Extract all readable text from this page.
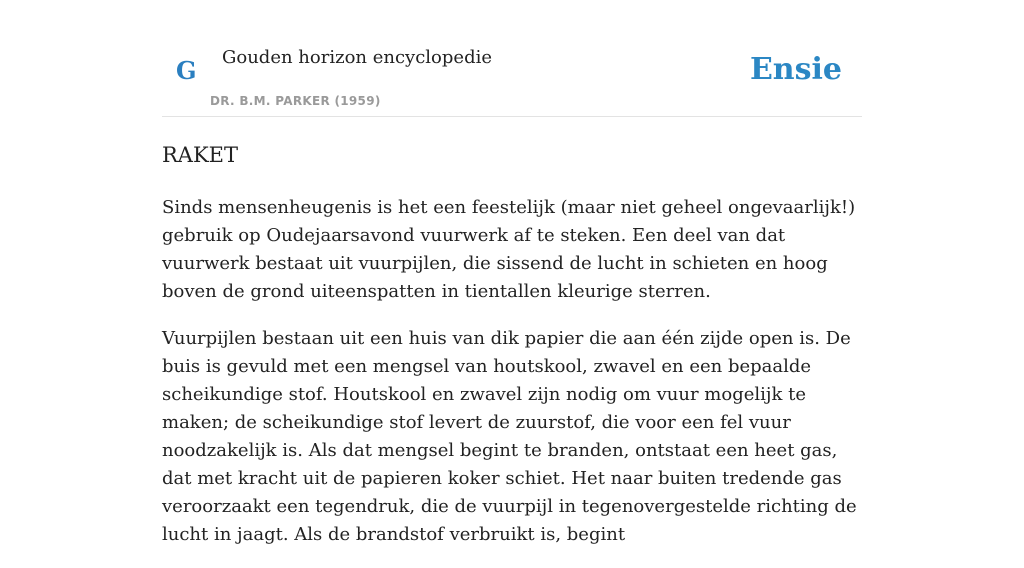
G Gouden horizon encyclopedie
DR. B.M. PARKER (1959)
Ensie
RAKET

Sinds mensenheugenis is het een feestelijk (maar niet geheel ongevaarlijk!) gebruik op Oudejaarsavond vuurwerk af te steken. Een deel van dat vuurwerk bestaat uit vuurpijlen, die sissend de lucht in schieten en hoog boven de grond uiteenspatten in tientallen kleurige sterren.

Vuurpijlen bestaan uit een huis van dik papier die aan één zijde open is. De buis is gevuld met een mengsel van houtskool, zwavel en een bepaalde scheikundige stof. Houtskool en zwavel zijn nodig om vuur mogelijk te maken; de scheikundige stof levert de zuurstof, die voor een fel vuur noodzakelijk is. Als dat mengsel begint te branden, ontstaat een heet gas, dat met kracht uit de papieren koker schiet. Het naar buiten tredende gas veroorzaakt een tegendruk, die de vuurpijl in tegenovergestelde richting de lucht in jaagt. Als de brandstof verbruikt is, begint
